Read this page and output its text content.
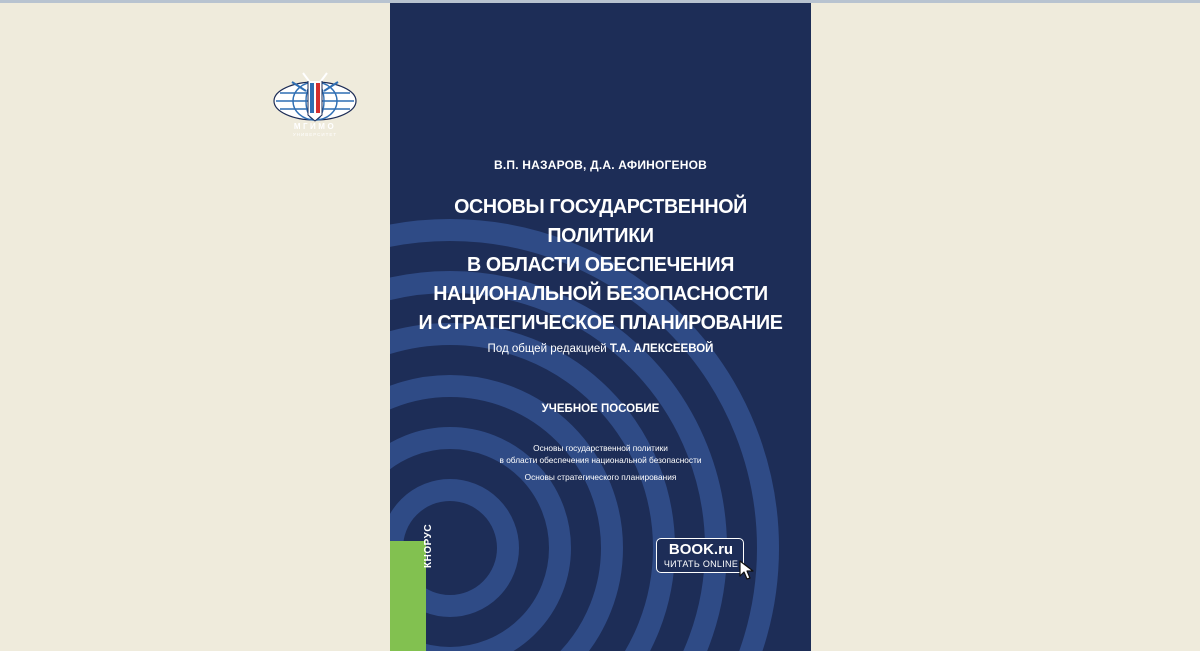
В.П. НАЗАРОВ, Д.А. АФИНОГЕНОВ
ОСНОВЫ ГОСУДАРСТВЕННОЙ ПОЛИТИКИ
В ОБЛАСТИ ОБЕСПЕЧЕНИЯ
НАЦИОНАЛЬНОЙ БЕЗОПАСНОСТИ
И СТРАТЕГИЧЕСКОЕ ПЛАНИРОВАНИЕ
Под общей редакцией Т.А. АЛЕКСЕЕВОЙ
УЧЕБНОЕ ПОСОБИЕ
Основы государственной политики
в области обеспечения национальной безопасности
Основы стратегического планирования
МГИМО
УНИВЕРСИТЕТ
КНОРУС	BOOK.ru
ЧИТАТЬ ONLINE
